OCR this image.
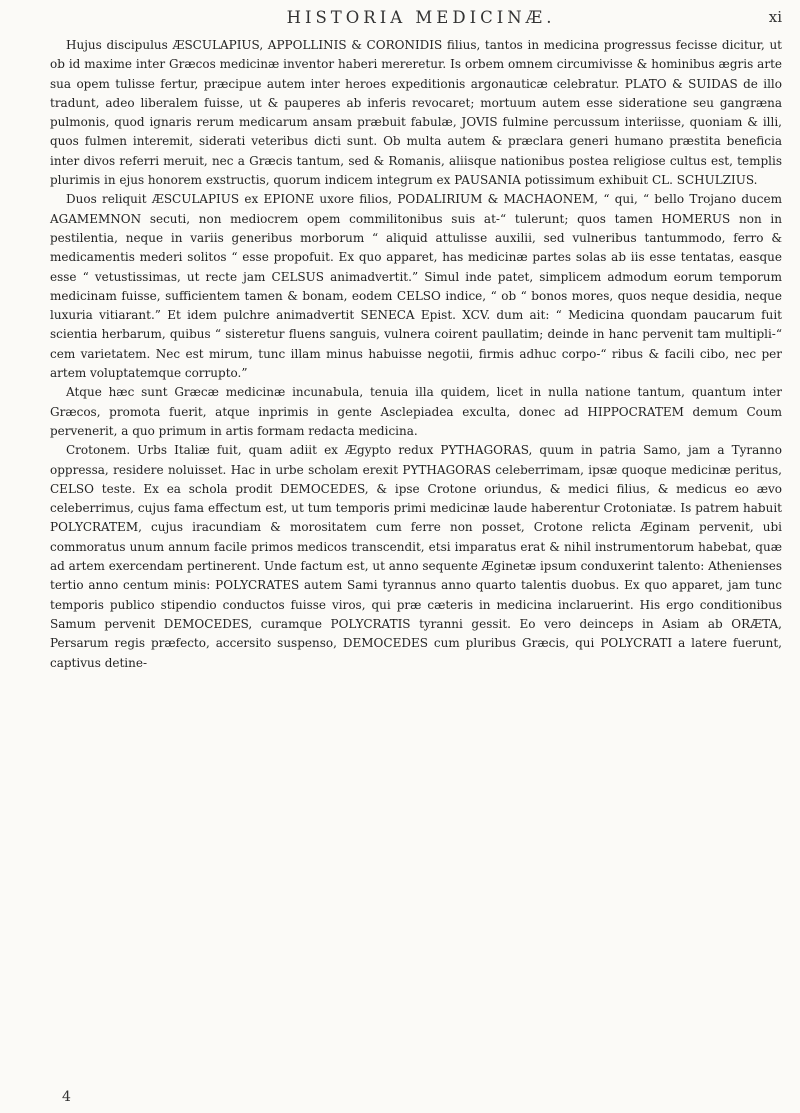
HISTORIA MEDICINÆ.	xi

Hujus discipulus ÆSCULAPIUS, APPOLLINIS & CORONIDIS filius, tantos in medicina progressus fecisse dicitur, ut ob id maxime inter Græcos medicinæ inventor haberi mereretur. Is orbem omnem circumivisse & hominibus ægris arte sua opem tulisse fertur, præcipue autem inter heroes expeditionis argonauticæ celebratur. PLATO & SUIDAS de illo tradunt, adeo liberalem fuisse, ut & pauperes ab inferis revocaret; mortuum autem esse sideratione seu gangræna pulmonis, quod ignaris rerum medicarum ansam præbuit fabulæ, JOVIS fulmine percussum interiisse, quoniam & illi, quos fulmen interemit, siderati veteribus dicti sunt. Ob multa autem & præclara generi humano præstita beneficia inter divos referri meruit, nec a Græcis tantum, sed & Romanis, aliisque nationibus postea religiose cultus est, templis plurimis in ejus honorem exstructis, quorum indicem integrum ex PAUSANIA potissimum exhibuit CL. SCHULZIUS.

Duos reliquit ÆSCULAPIUS ex EPIONE uxore filios, PODALIRIUM & MACHAONEM, “ qui, “ bello Trojano ducem AGAMEMNON secuti, non mediocrem opem commilitonibus suis at-“ tulerunt; quos tamen HOMERUS non in pestilentia, neque in variis generibus morborum “ aliquid attulisse auxilii, sed vulneribus tantummodo, ferro & medicamentis mederi solitos “ esse propofuit. Ex quo apparet, has medicinæ partes solas ab iis esse tentatas, easque esse “ vetustissimas, ut recte jam CELSUS animadvertit.” Simul inde patet, simplicem admodum eorum temporum medicinam fuisse, sufficientem tamen & bonam, eodem CELSO indice, “ ob “ bonos mores, quos neque desidia, neque luxuria vitiarant.” Et idem pulchre animadvertit SENECA Epist. XCV. dum ait: “ Medicina quondam paucarum fuit scientia herbarum, quibus “ sisteretur fluens sanguis, vulnera coirent paullatim; deinde in hanc pervenit tam multipli-“ cem varietatem. Nec est mirum, tunc illam minus habuisse negotii, firmis adhuc corpo-“ ribus & facili cibo, nec per artem voluptatemque corrupto.”

Atque hæc sunt Græcæ medicinæ incunabula, tenuia illa quidem, licet in nulla natione tantum, quantum inter Græcos, promota fuerit, atque inprimis in gente Asclepiadea exculta, donec ad HIPPOCRATEM demum Coum pervenerit, a quo primum in artis formam redacta medicina.

Crotonem. Urbs Italiæ fuit, quam adiit ex Ægypto redux PYTHAGORAS, quum in patria Samo, jam a Tyranno oppressa, residere noluisset. Hac in urbe scholam erexit PYTHAGORAS celeberrimam, ipsæ quoque medicinæ peritus, CELSO teste. Ex ea schola prodit DEMOCEDES, & ipse Crotone oriundus, & medici filius, & medicus eo ævo celeberrimus, cujus fama effectum est, ut tum temporis primi medicinæ laude haberentur Crotoniatæ. Is patrem habuit POLYCRATEM, cujus iracundiam & morositatem cum ferre non posset, Crotone relicta Æginam pervenit, ubi commoratus unum annum facile primos medicos transcendit, etsi imparatus erat & nihil instrumentorum habebat, quæ ad artem exercendam pertinerent. Unde factum est, ut anno sequente Æginetæ ipsum conduxerint talento: Athenienses tertio anno centum minis: POLYCRATES autem Sami tyrannus anno quarto talentis duobus. Ex quo apparet, jam tunc temporis publico stipendio conductos fuisse viros, qui præ cæteris in medicina inclaruerint. His ergo conditionibus Samum pervenit DEMOCEDES, curamque POLYCRATIS tyranni gessit. Eo vero deinceps in Asiam ab ORÆTA, Persarum regis præfecto, accersito suspenso, DEMOCEDES cum pluribus Græcis, qui POLYCRATI a latere fuerunt, captivus detine-

4
